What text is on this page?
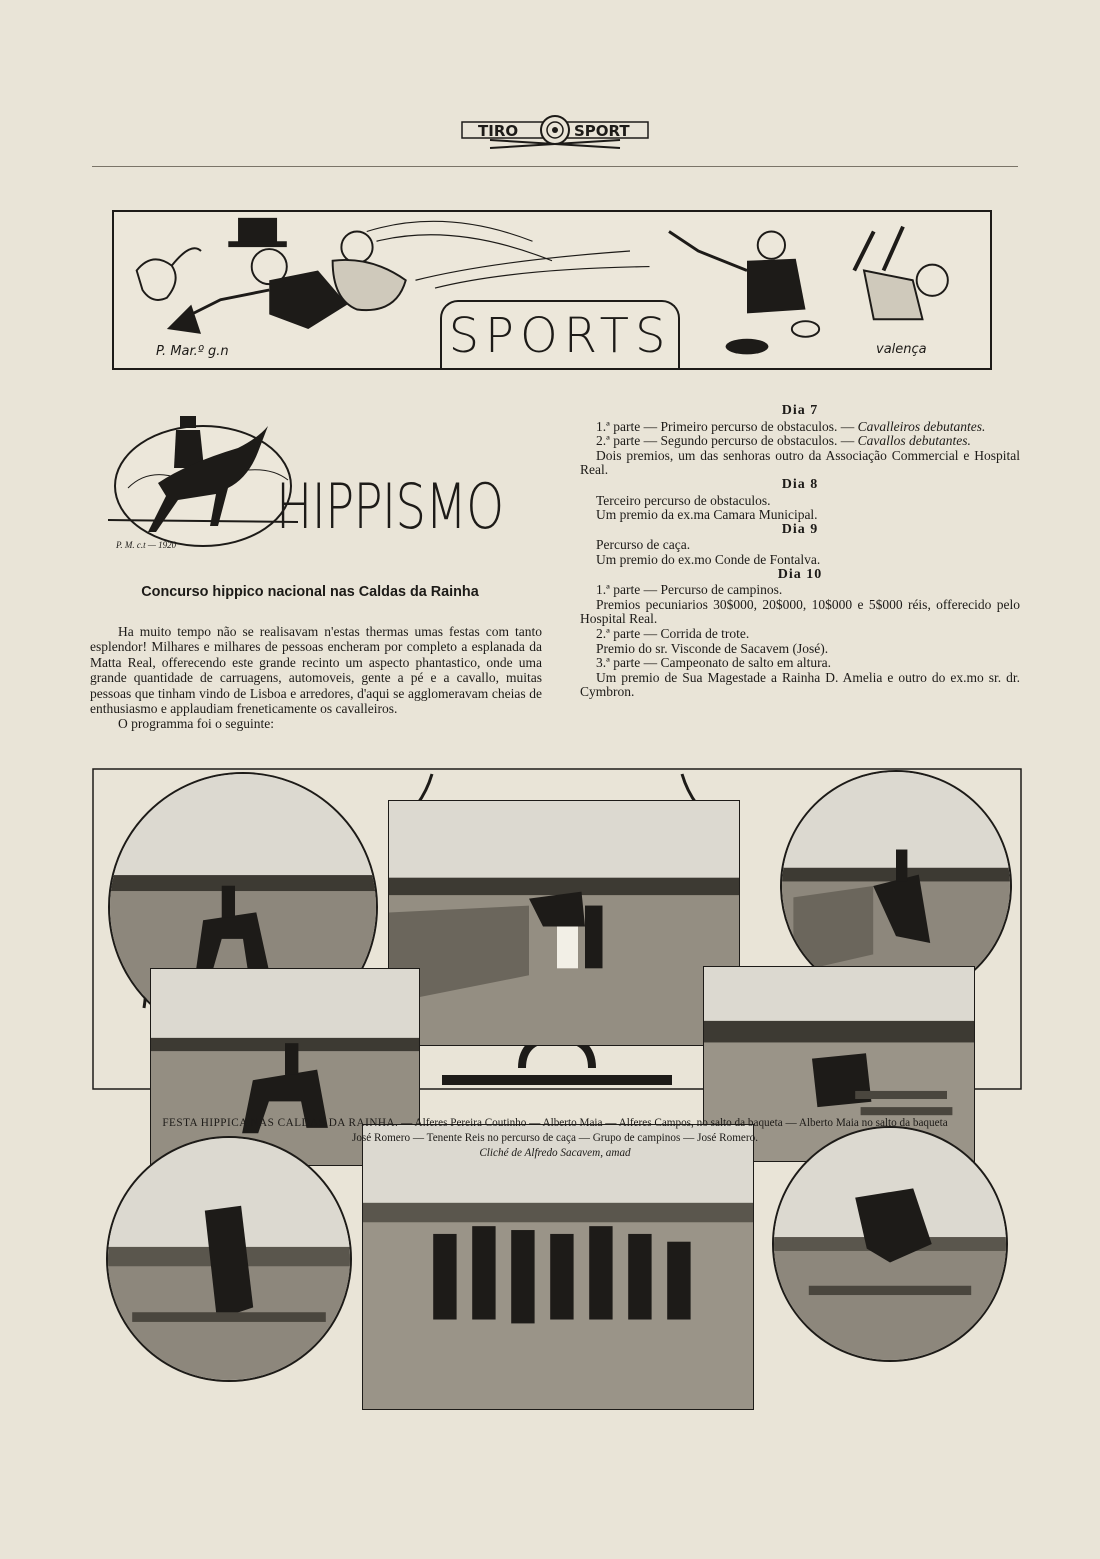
TIRO	SPORT
SPORTS
P. Mar.º g.n	valença
HIPPISMO
P. M. c.t — 1920
Concurso hippico nacional nas Caldas da Rainha

Ha muito tempo não se realisavam n'estas thermas umas festas com tanto esplendor! Milhares e milhares de pessoas encheram por completo a esplanada da Matta Real, offerecendo este grande recinto um aspecto phantastico, onde uma grande quantidade de carruagens, automoveis, gente a pé e a cavallo, muitas pessoas que tinham vindo de Lisboa e arredores, d'aqui se agglomeravam cheias de enthusiasmo e applaudiam freneticamente os cavalleiros.

O programma foi o seguinte:

Dia 7

1.ª parte — Primeiro percurso de obstaculos. — Cavalleiros debutantes.

2.ª parte — Segundo percurso de obstaculos. — Cavallos debutantes.

Dois premios, um das senhoras outro da Associação Commercial e Hospital Real.

Dia 8

Terceiro percurso de obstaculos.

Um premio da ex.ma Camara Municipal.

Dia 9

Percurso de caça.

Um premio do ex.mo Conde de Fontalva.

Dia 10

1.ª parte — Percurso de campinos.

Premios pecuniarios 30$000, 20$000, 10$000 e 5$000 réis, offerecido pelo Hospital Real.

2.ª parte — Corrida de trote.

Premio do sr. Visconde de Sacavem (José).

3.ª parte — Campeonato de salto em altura.

Um premio de Sua Magestade a Rainha D. Amelia e outro do ex.mo sr. dr. Cymbron.

FESTA HIPPICA NAS CALDAS DA RAINHA. — Alferes Pereira Coutinho — Alberto Maia — Alferes Campos, no salto da baqueta — Alberto Maia no salto da baqueta
José Romero — Tenente Reis no percurso de caça — Grupo de campinos — José Romero.
Cliché de Alfredo Sacavem, amad
